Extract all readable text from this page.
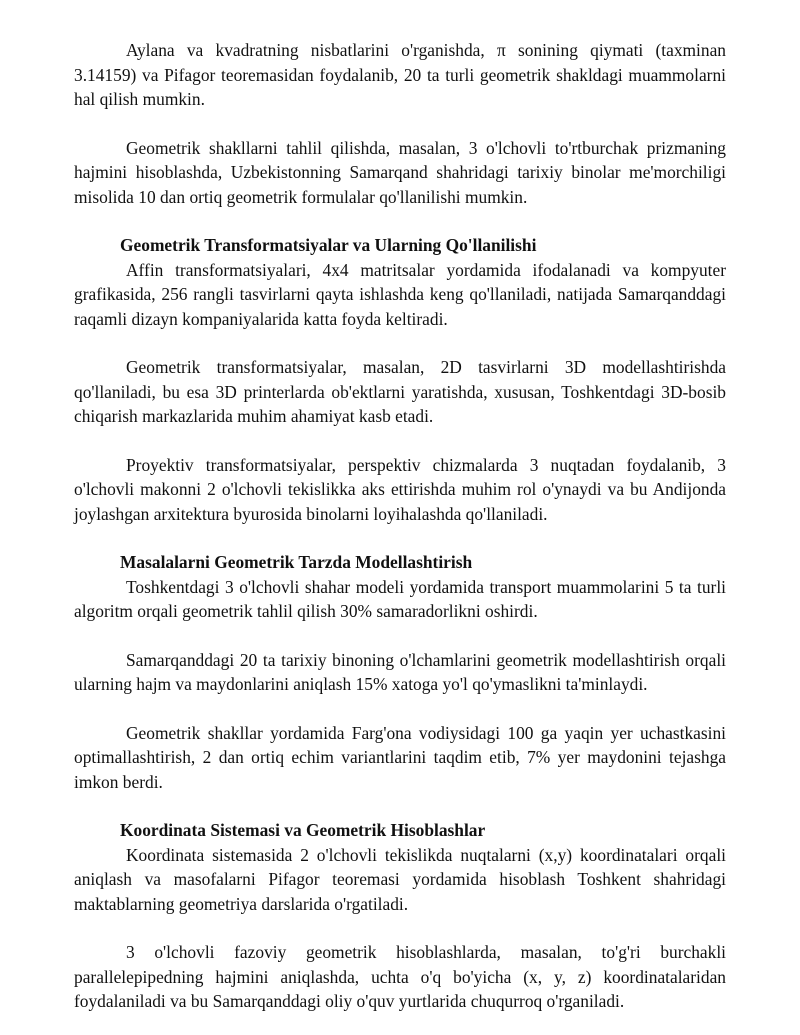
Aylana va kvadratning nisbatlarini o'rganishda, π sonining qiymati (taxminan 3.14159) va Pifagor teoremasidan foydalanib, 20 ta turli geometrik shakldagi muammolarni hal qilish mumkin.

Geometrik shakllarni tahlil qilishda, masalan, 3 o'lchovli to'rtburchak prizmaning hajmini hisoblashda, Uzbekistonning Samarqand shahridagi tarixiy binolar me'morchiligi misolida 10 dan ortiq geometrik formulalar qo'llanilishi mumkin.

Geometrik Transformatsiyalar va Ularning Qo'llanilishi

Affin transformatsiyalari, 4x4 matritsalar yordamida ifodalanadi va kompyuter grafikasida, 256 rangli tasvirlarni qayta ishlashda keng qo'llaniladi, natijada Samarqanddagi raqamli dizayn kompaniyalarida katta foyda keltiradi.

Geometrik transformatsiyalar, masalan, 2D tasvirlarni 3D modellashtirishda qo'llaniladi, bu esa 3D printerlarda ob'ektlarni yaratishda, xususan, Toshkentdagi 3D-bosib chiqarish markazlarida muhim ahamiyat kasb etadi.

Proyektiv transformatsiyalar, perspektiv chizmalarda 3 nuqtadan foydalanib, 3 o'lchovli makonni 2 o'lchovli tekislikka aks ettirishda muhim rol o'ynaydi va bu Andijonda joylashgan arxitektura byurosida binolarni loyihalashda qo'llaniladi.

Masalalarni Geometrik Tarzda Modellashtirish

Toshkentdagi 3 o'lchovli shahar modeli yordamida transport muammolarini 5 ta turli algoritm orqali geometrik tahlil qilish 30% samaradorlikni oshirdi.

Samarqanddagi 20 ta tarixiy binoning o'lchamlarini geometrik modellashtirish orqali ularning hajm va maydonlarini aniqlash 15% xatoga yo'l qo'ymaslikni ta'minlaydi.

Geometrik shakllar yordamida Farg'ona vodiysidagi 100 ga yaqin yer uchastkasini optimallashtirish, 2 dan ortiq echim variantlarini taqdim etib, 7% yer maydonini tejashga imkon berdi.

Koordinata Sistemasi va Geometrik Hisoblashlar

Koordinata sistemasida 2 o'lchovli tekislikda nuqtalarni (x,y) koordinatalari orqali aniqlash va masofalarni Pifagor teoremasi yordamida hisoblash Toshkent shahridagi maktablarning geometriya darslarida o'rgatiladi.

3 o'lchovli fazoviy geometrik hisoblashlarda, masalan, to'g'ri burchakli parallelepipedning hajmini aniqlashda, uchta o'q bo'yicha (x, y, z) koordinatalaridan foydalaniladi va bu Samarqanddagi oliy o'quv yurtlarida chuqurroq o'rganiladi.
